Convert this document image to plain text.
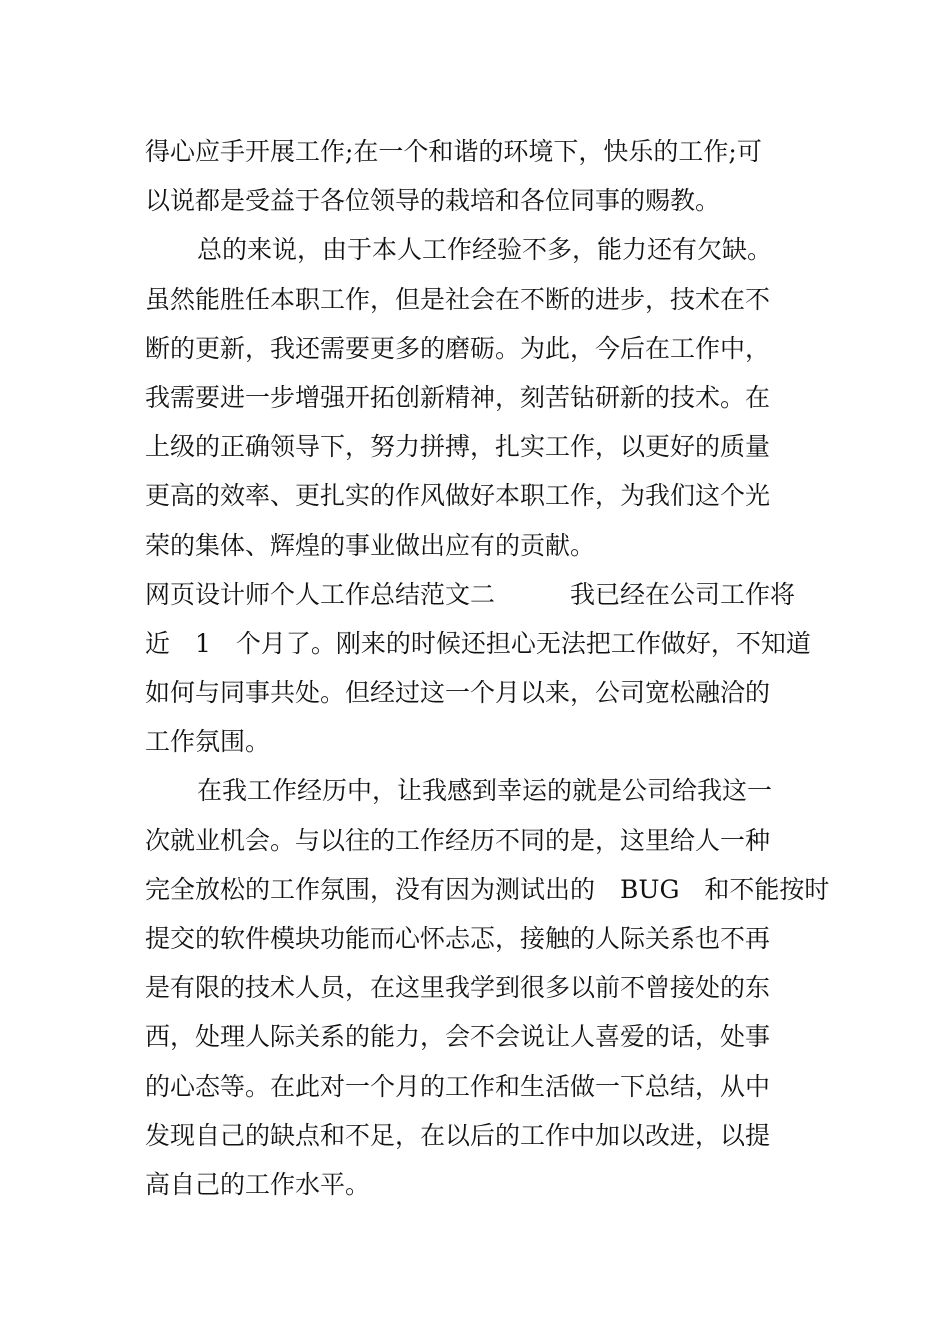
得心应手开展工作;在一个和谐的环境下，快乐的工作;可
以说都是受益于各位领导的栽培和各位同事的赐教。
总的来说，由于本人工作经验不多，能力还有欠缺。
虽然能胜任本职工作，但是社会在不断的进步，技术在不
断的更新，我还需要更多的磨砺。为此，今后在工作中，
我需要进一步增强开拓创新精神，刻苦钻研新的技术。在
上级的正确领导下，努力拼搏，扎实工作，以更好的质量
更高的效率、更扎实的作风做好本职工作，为我们这个光
荣的集体、辉煌的事业做出应有的贡献。
网页设计师个人工作总结范文二　　　我已经在公司工作将
近　1　个月了。刚来的时候还担心无法把工作做好，不知道
如何与同事共处。但经过这一个月以来，公司宽松融洽的
工作氛围。
在我工作经历中，让我感到幸运的就是公司给我这一
次就业机会。与以往的工作经历不同的是，这里给人一种
完全放松的工作氛围，没有因为测试出的　BUG　和不能按时
提交的软件模块功能而心怀忐忑，接触的人际关系也不再
是有限的技术人员，在这里我学到很多以前不曾接处的东
西，处理人际关系的能力，会不会说让人喜爱的话，处事
的心态等。在此对一个月的工作和生活做一下总结，从中
发现自己的缺点和不足，在以后的工作中加以改进，以提
高自己的工作水平。
